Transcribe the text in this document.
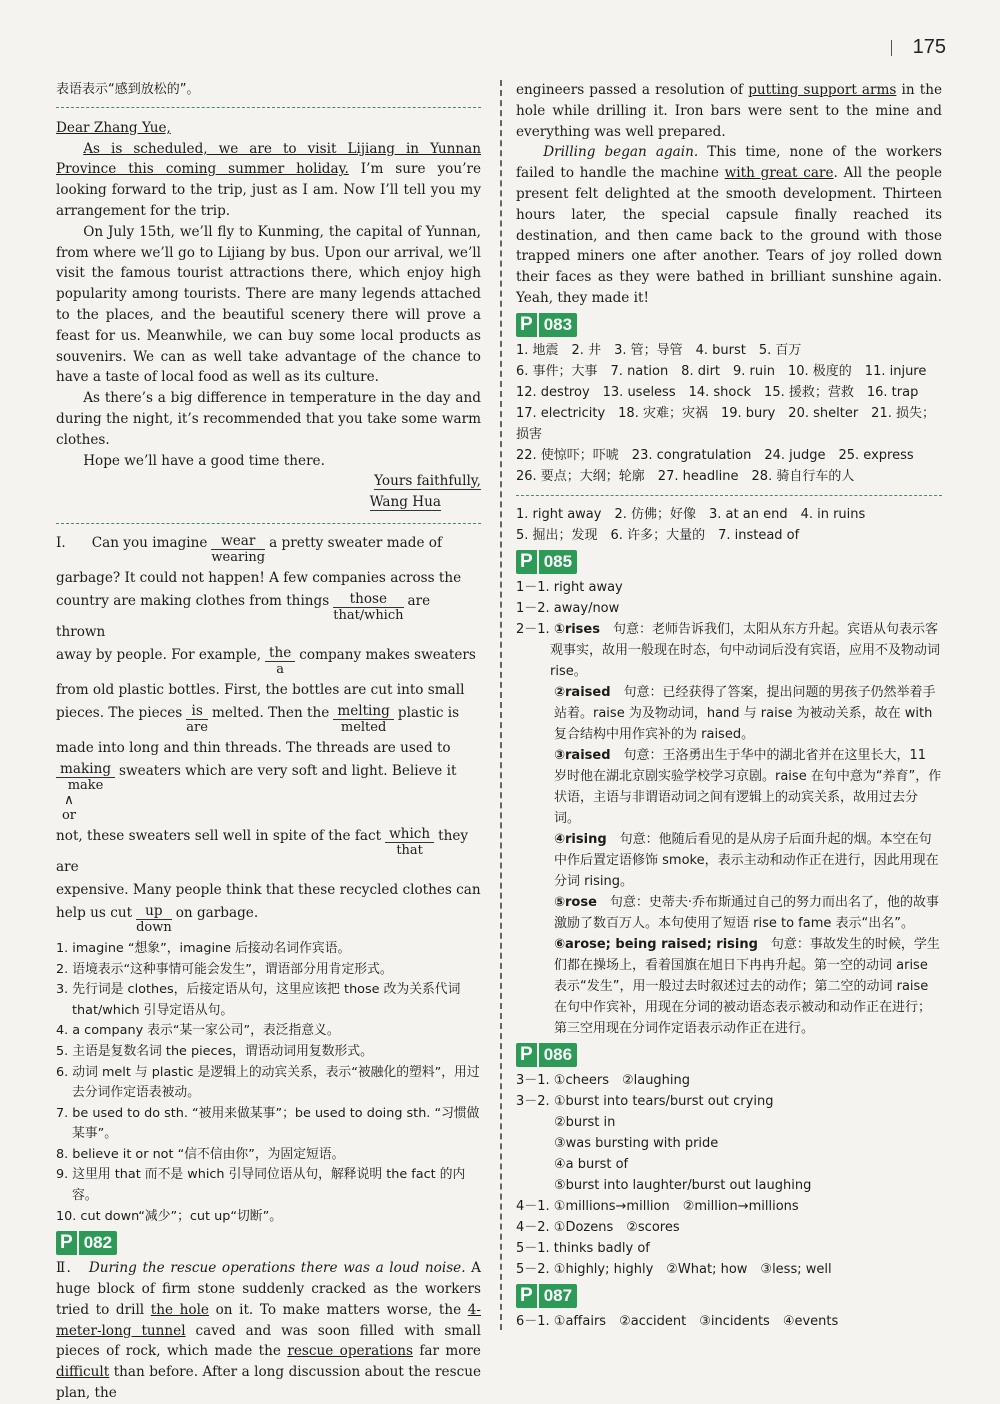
175

表语表示“感到放松的”。

Dear Zhang Yue,

As is scheduled, we are to visit Lijiang in Yunnan Province this coming summer holiday. I’m sure you’re looking forward to the trip, just as I am. Now I’ll tell you my arrangement for the trip.

On July 15th, we’ll fly to Kunming, the capital of Yunnan, from where we’ll go to Lijiang by bus. Upon our arrival, we’ll visit the famous tourist attractions there, which enjoy high popularity among tourists. There are many legends attached to the places, and the beautiful scenery there will prove a feast for us. Meanwhile, we can buy some local products as souvenirs. We can as well take advantage of the chance to have a taste of local food as well as its culture.

As there’s a big difference in temperature in the day and during the night, it’s recommended that you take some warm clothes.

Hope we’ll have a good time there.

Yours faithfully,

Wang Hua

Ⅰ. Can you imagine	wear
wearing
a pretty sweater made of

garbage? It could not happen! A few companies across the

country are making clothes from things	those
that/which
are thrown

away by people. For example, the
a
company makes sweaters

from old plastic bottles. First, the bottles are cut into small

pieces. The pieces is
are
melted. Then the melting
melted
plastic is

made into long and thin threads. The threads are used to

making
make
sweaters which are very soft and light. Believe it
∧
or

not, these sweaters sell well in spite of the fact which
that
they are

expensive. Many people think that these recycled clothes can

help us cut up
down
on garbage.

1. imagine “想象”，imagine 后接动名词作宾语。

2. 语境表示“这种事情可能会发生”，谓语部分用肯定形式。

3. 先行词是 clothes，后接定语从句，这里应该把 those 改为关系代词 that/which 引导定语从句。

4. a company 表示“某一家公司”，表泛指意义。

5. 主语是复数名词 the pieces，谓语动词用复数形式。

6. 动词 melt 与 plastic 是逻辑上的动宾关系，表示“被融化的塑料”，用过去分词作定语表被动。

7. be used to do sth. “被用来做某事”；be used to doing sth. “习惯做某事”。

8. believe it or not “信不信由你”，为固定短语。

9. 这里用 that 而不是 which 引导同位语从句，解释说明 the fact 的内容。

10. cut down“减少”；cut up“切断”。

P 082

Ⅱ. During the rescue operations there was a loud noise. A huge block of firm stone suddenly cracked as the workers tried to drill the hole on it. To make matters worse, the 4-meter-long tunnel caved and was soon filled with small pieces of rock, which made the rescue operations far more difficult than before. After a long discussion about the rescue plan, the

engineers passed a resolution of putting support arms in the hole while drilling it. Iron bars were sent to the mine and everything was well prepared.

Drilling began again. This time, none of the workers failed to handle the machine with great care. All the people present felt delighted at the smooth development. Thirteen hours later, the special capsule finally reached its destination, and then came back to the ground with those trapped miners one after another. Tears of joy rolled down their faces as they were bathed in brilliant sunshine again. Yeah, they made it!

P 083

1. 地震　2. 井　3. 管；导管　4. burst　5. 百万

6. 事件；大事　7. nation　8. dirt　9. ruin　10. 极度的　11. injure

12. destroy　13. useless　14. shock　15. 援救；营救　16. trap

17. electricity　18. 灾难；灾祸　19. bury　20. shelter　21. 损失；损害

22. 使惊吓；吓唬　23. congratulation　24. judge　25. express

26. 要点；大纲；轮廓　27. headline　28. 骑自行车的人

1. right away　2. 仿佛；好像　3. at an end　4. in ruins

5. 掘出；发现　6. 许多；大量的　7. instead of

P 085

1－1. right away

1－2. away/now

2－1. ①rises　句意：老师告诉我们，太阳从东方升起。宾语从句表示客观事实，故用一般现在时态，句中动词后没有宾语，应用不及物动词 rise。

②raised　句意：已经获得了答案，提出问题的男孩子仍然举着手站着。raise 为及物动词，hand 与 raise 为被动关系，故在 with 复合结构中用作宾补的为 raised。

③raised　句意：王洛勇出生于华中的湖北省并在这里长大，11 岁时他在湖北京剧实验学校学习京剧。raise 在句中意为“养育”，作状语，主语与非谓语动词之间有逻辑上的动宾关系，故用过去分词。

④rising　句意：他随后看见的是从房子后面升起的烟。本空在句中作后置定语修饰 smoke，表示主动和动作正在进行，因此用现在分词 rising。

⑤rose　句意：史蒂夫·乔布斯通过自己的努力而出名了，他的故事激励了数百万人。本句使用了短语 rise to fame 表示“出名”。

⑥arose; being raised; rising　句意：事故发生的时候，学生们都在操场上，看着国旗在旭日下冉冉升起。第一空的动词 arise 表示“发生”，用一般过去时叙述过去的动作；第二空的动词 raise 在句中作宾补，用现在分词的被动语态表示被动和动作正在进行；第三空用现在分词作定语表示动作正在进行。

P 086

3－1. ①cheers　②laughing

3－2. ①burst into tears/burst out crying

②burst in

③was bursting with pride

④a burst of

⑤burst into laughter/burst out laughing

4－1. ①millions→million　②million→millions

4－2. ①Dozens　②scores

5－1. thinks badly of

5－2. ①highly; highly　②What; how　③less; well

P 087

6－1. ①affairs　②accident　③incidents　④events
